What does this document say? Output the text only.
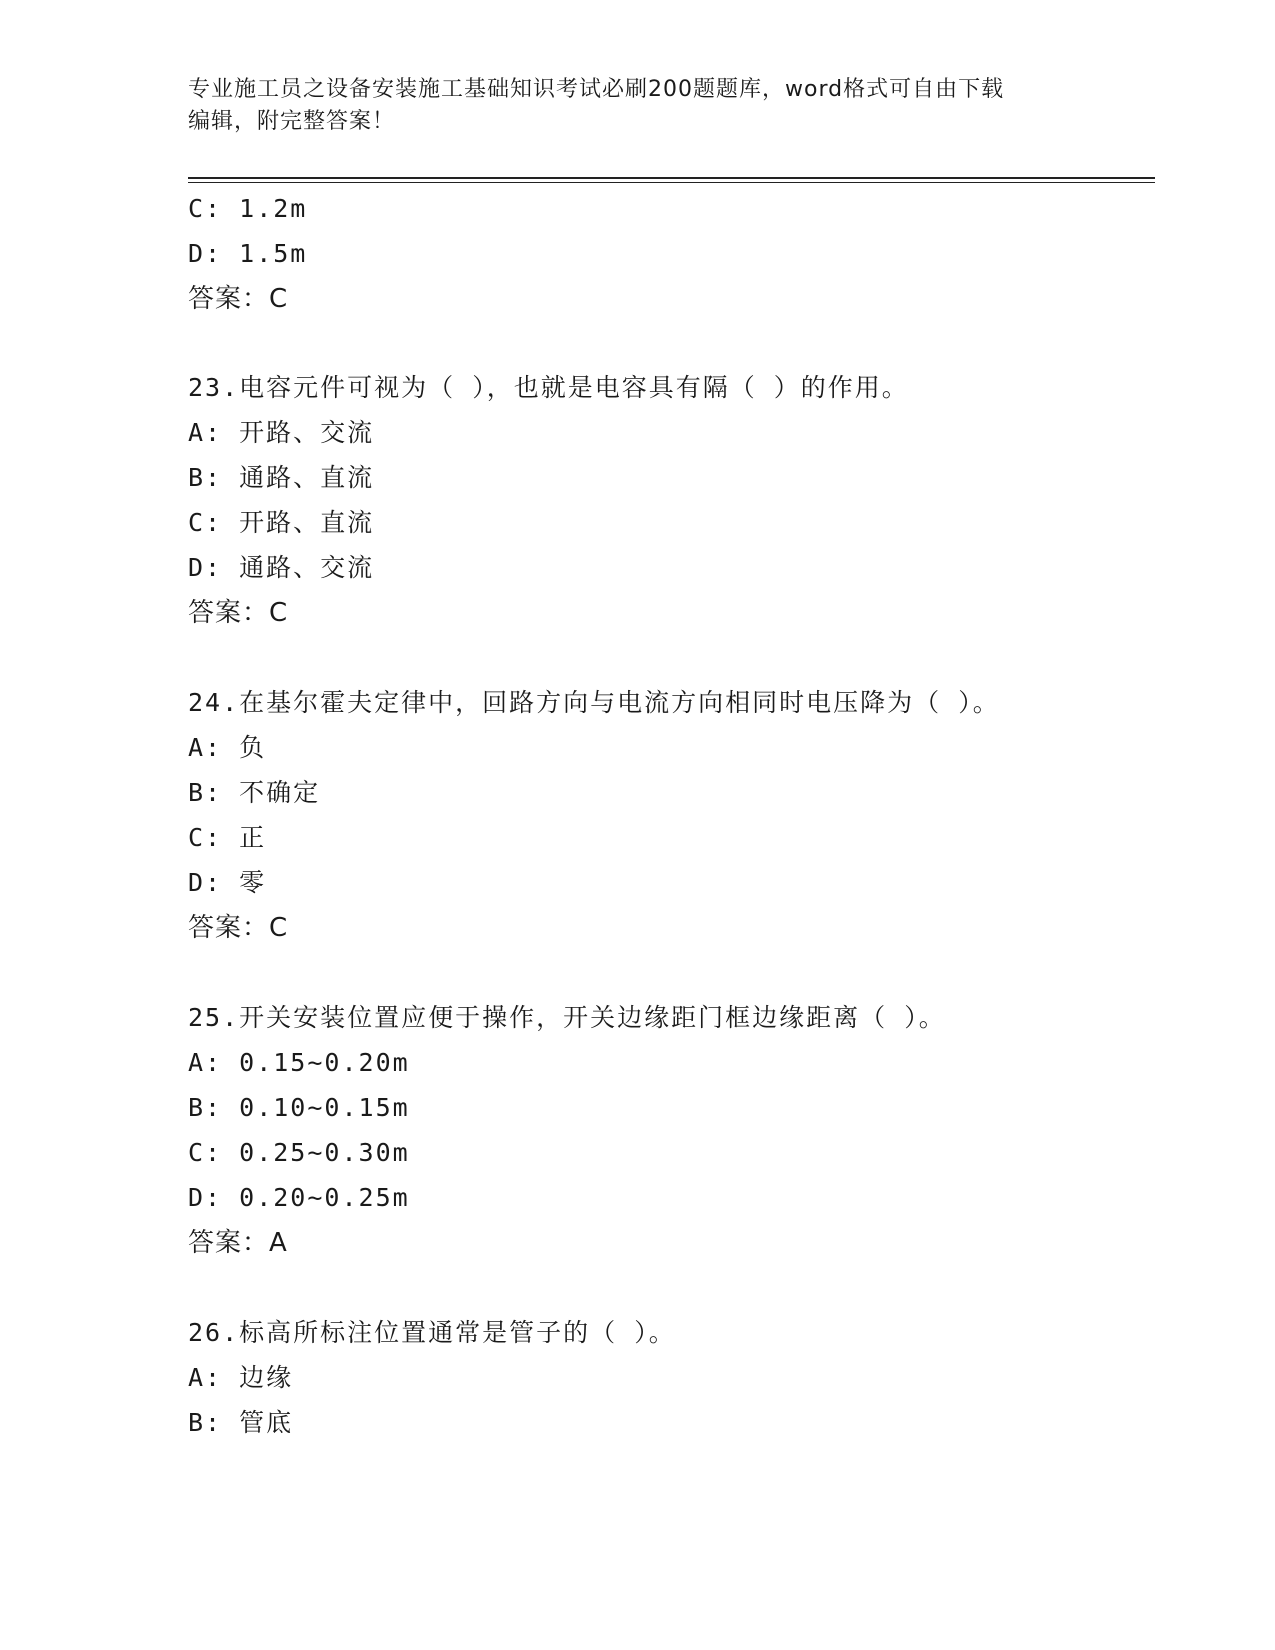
专业施工员之设备安装施工基础知识考试必刷200题题库，word格式可自由下载
编辑，附完整答案！
C: 1.2m
D: 1.5m
答案：C
23.电容元件可视为（ ），也就是电容具有隔（ ）的作用。
A: 开路、交流
B: 通路、直流
C: 开路、直流
D: 通路、交流
答案：C
24.在基尔霍夫定律中，回路方向与电流方向相同时电压降为（ ）。
A: 负
B: 不确定
C: 正
D: 零
答案：C
25.开关安装位置应便于操作，开关边缘距门框边缘距离（ ）。
A: 0.15~0.20m
B: 0.10~0.15m
C: 0.25~0.30m
D: 0.20~0.25m
答案：A
26.标高所标注位置通常是管子的（ ）。
A: 边缘
B: 管底
